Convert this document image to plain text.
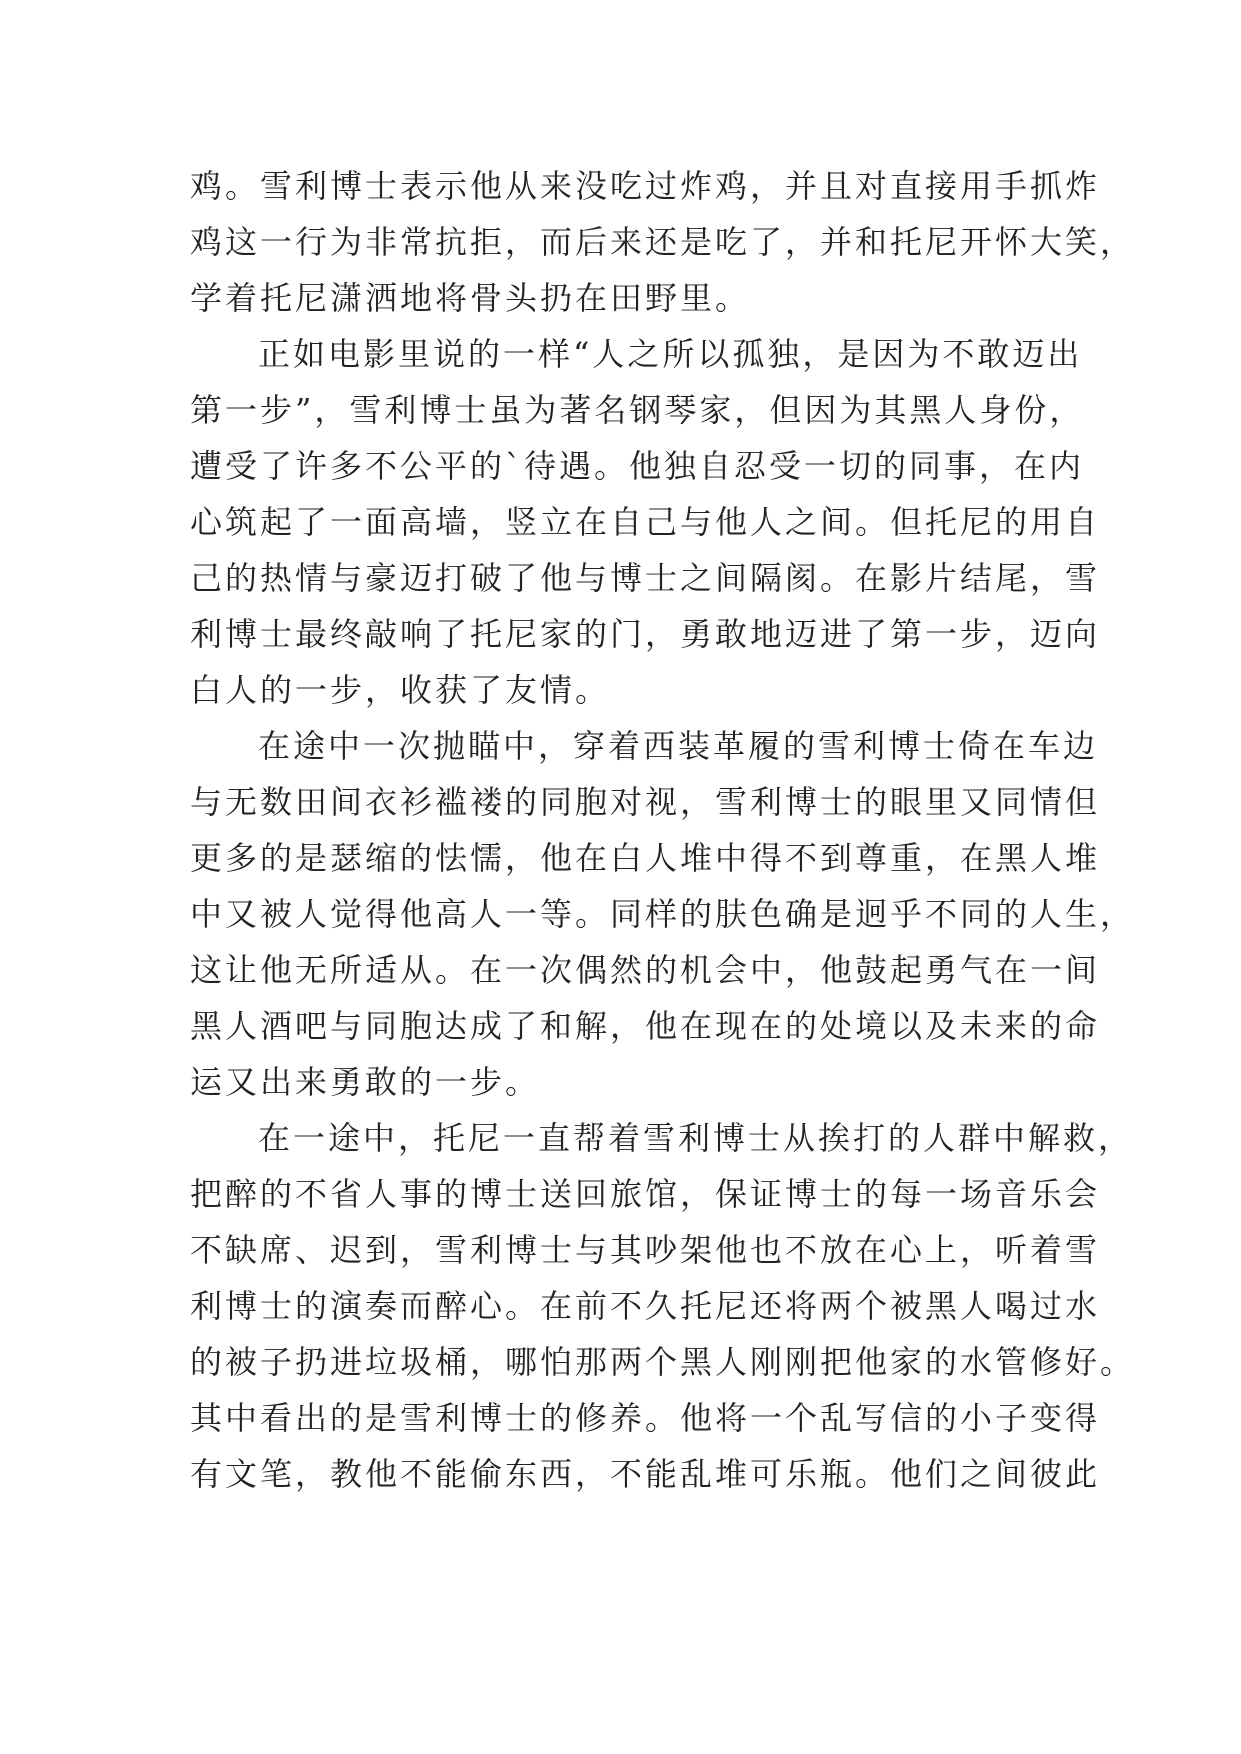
鸡。雪利博士表示他从来没吃过炸鸡，并且对直接用手抓炸
鸡这一行为非常抗拒，而后来还是吃了，并和托尼开怀大笑，
学着托尼潇洒地将骨头扔在田野里。
正如电影里说的一样“人之所以孤独，是因为不敢迈出
第一步”，雪利博士虽为著名钢琴家，但因为其黑人身份，
遭受了许多不公平的`待遇。他独自忍受一切的同事，在内
心筑起了一面高墙，竖立在自己与他人之间。但托尼的用自
己的热情与豪迈打破了他与博士之间隔阂。在影片结尾，雪
利博士最终敲响了托尼家的门，勇敢地迈进了第一步，迈向
白人的一步，收获了友情。
在途中一次抛瞄中，穿着西装革履的雪利博士倚在车边
与无数田间衣衫褴褛的同胞对视，雪利博士的眼里又同情但
更多的是瑟缩的怯懦，他在白人堆中得不到尊重，在黑人堆
中又被人觉得他高人一等。同样的肤色确是迥乎不同的人生，
这让他无所适从。在一次偶然的机会中，他鼓起勇气在一间
黑人酒吧与同胞达成了和解，他在现在的处境以及未来的命
运又出来勇敢的一步。
在一途中，托尼一直帮着雪利博士从挨打的人群中解救，
把醉的不省人事的博士送回旅馆，保证博士的每一场音乐会
不缺席、迟到，雪利博士与其吵架他也不放在心上，听着雪
利博士的演奏而醉心。在前不久托尼还将两个被黑人喝过水
的被子扔进垃圾桶，哪怕那两个黑人刚刚把他家的水管修好。
其中看出的是雪利博士的修养。他将一个乱写信的小子变得
有文笔，教他不能偷东西，不能乱堆可乐瓶。他们之间彼此
